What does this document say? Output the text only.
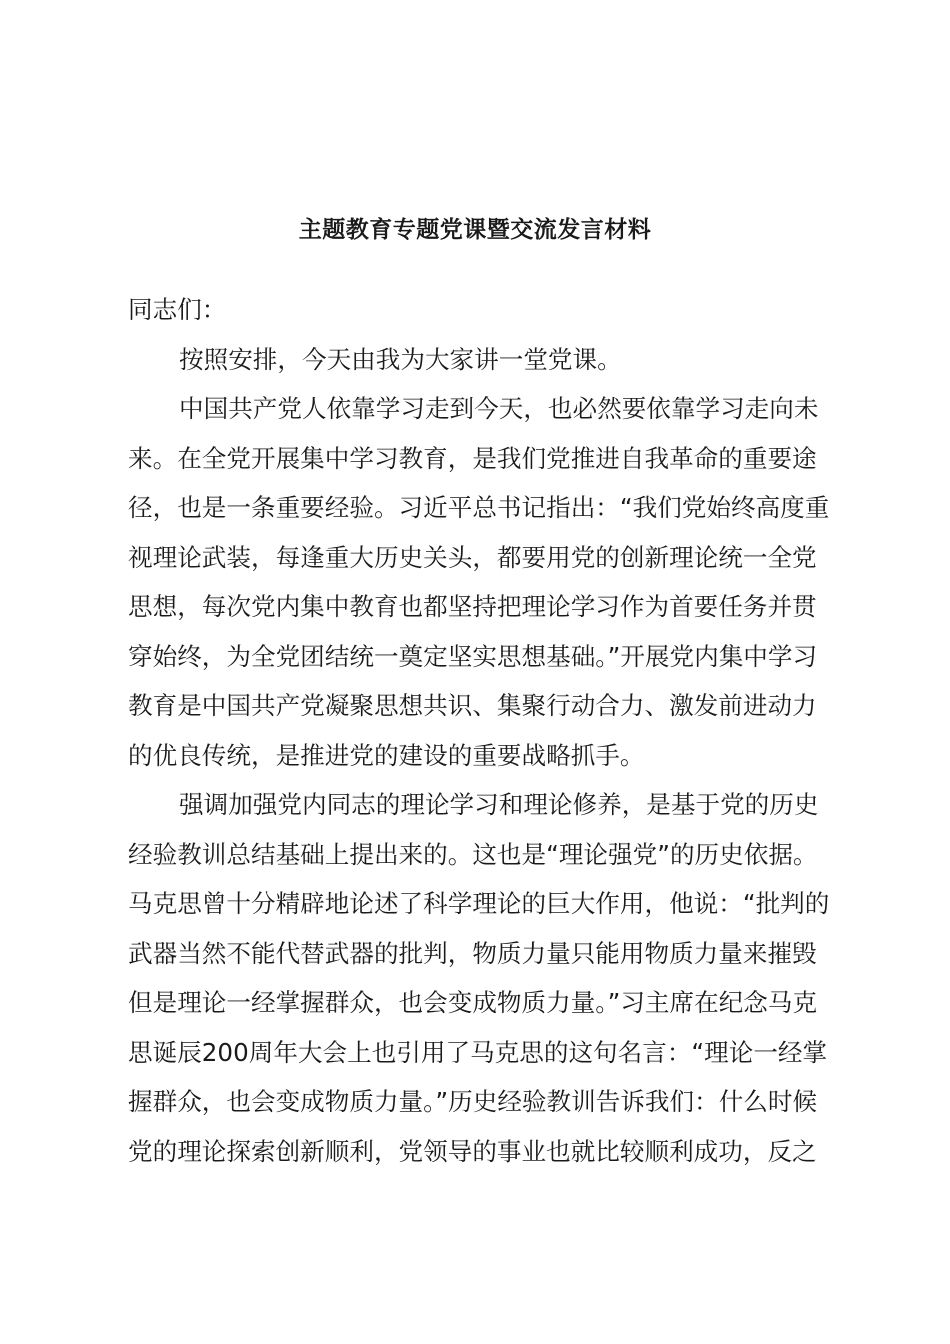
主题教育专题党课暨交流发言材料
同志们：
按照安排，今天由我为大家讲一堂党课。
中国共产党人依靠学习走到今天，也必然要依靠学习走向未
来。在全党开展集中学习教育，是我们党推进自我革命的重要途
径，也是一条重要经验。习近平总书记指出：“我们党始终高度重
视理论武装，每逢重大历史关头，都要用党的创新理论统一全党
思想，每次党内集中教育也都坚持把理论学习作为首要任务并贯
穿始终，为全党团结统一奠定坚实思想基础。”开展党内集中学习
教育是中国共产党凝聚思想共识、集聚行动合力、激发前进动力
的优良传统，是推进党的建设的重要战略抓手。
强调加强党内同志的理论学习和理论修养，是基于党的历史
经验教训总结基础上提出来的。这也是“理论强党”的历史依据。
马克思曾十分精辟地论述了科学理论的巨大作用，他说：“批判的
武器当然不能代替武器的批判，物质力量只能用物质力量来摧毁
但是理论一经掌握群众，也会变成物质力量。”习主席在纪念马克
思诞辰200周年大会上也引用了马克思的这句名言：“理论一经掌
握群众，也会变成物质力量。”历史经验教训告诉我们：什么时候
党的理论探索创新顺利，党领导的事业也就比较顺利成功，反之
